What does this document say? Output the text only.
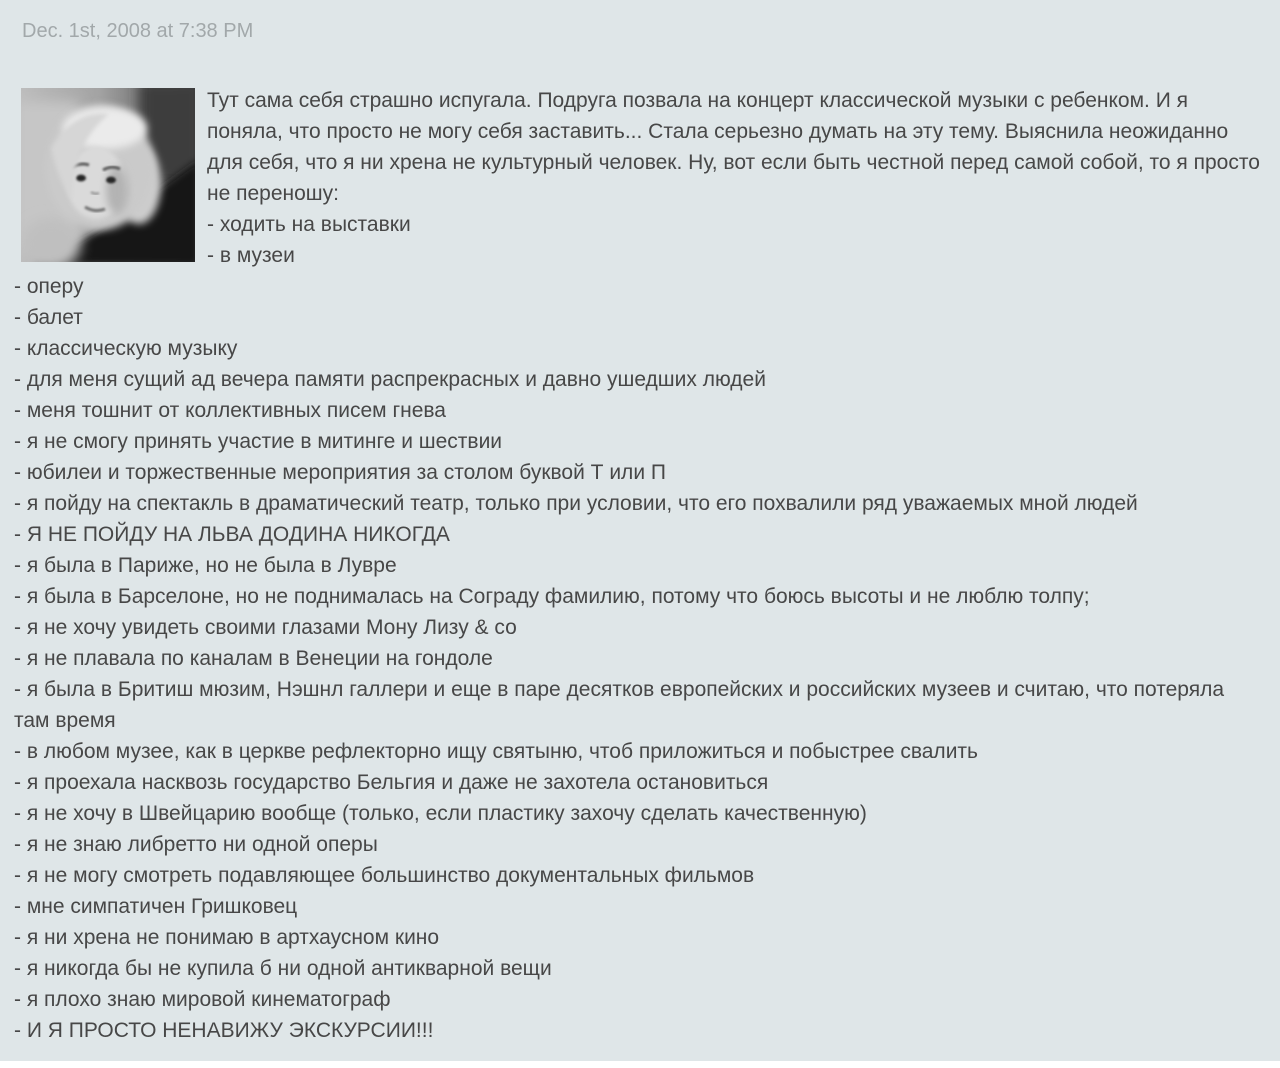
Dec. 1st, 2008 at 7:38 PM

Тут сама себя страшно испугала. Подруга позвала на концерт классической музыки с ребенком. И я поняла, что просто не могу себя заставить... Стала серьезно думать на эту тему. Выяснила неожиданно для себя, что я ни хрена не культурный человек. Ну, вот если быть честной перед самой собой, то я просто не переношу:

- ходить на выставки
- в музеи
- оперу
- балет
- классическую музыку
- для меня сущий ад вечера памяти распрекрасных и давно ушедших людей
- меня тошнит от коллективных писем гнева
- я не смогу принять участие в митинге и шествии
- юбилеи и торжественные мероприятия за столом буквой Т или П
- я пойду на спектакль в драматический театр, только при условии, что его похвалили ряд уважаемых мной людей
- Я НЕ ПОЙДУ НА ЛЬВА ДОДИНА НИКОГДА
- я была в Париже, но не была в Лувре
- я была в Барселоне, но не поднималась на Сограду фамилию, потому что боюсь высоты и не люблю толпу;
- я не хочу увидеть своими глазами Мону Лизу & со
- я не плавала по каналам в Венеции на гондоле
- я была в Бритиш мюзим, Нэшнл галлери и еще в паре десятков европейских и российских музеев и считаю, что потеряла там время
- в любом музее, как в церкве рефлекторно ищу святыню, чтоб приложиться и побыстрее свалить
- я проехала насквозь государство Бельгия и даже не захотела остановиться
- я не хочу в Швейцарию вообще (только, если пластику захочу сделать качественную)
- я не знаю либретто ни одной оперы
- я не могу смотреть подавляющее большинство документальных фильмов
- мне симпатичен Гришковец
- я ни хрена не понимаю в артхаусном кино
- я никогда бы не купила б ни одной антикварной вещи
- я плохо знаю мировой кинематограф
- И Я ПРОСТО НЕНАВИЖУ ЭКСКУРСИИ!!!
